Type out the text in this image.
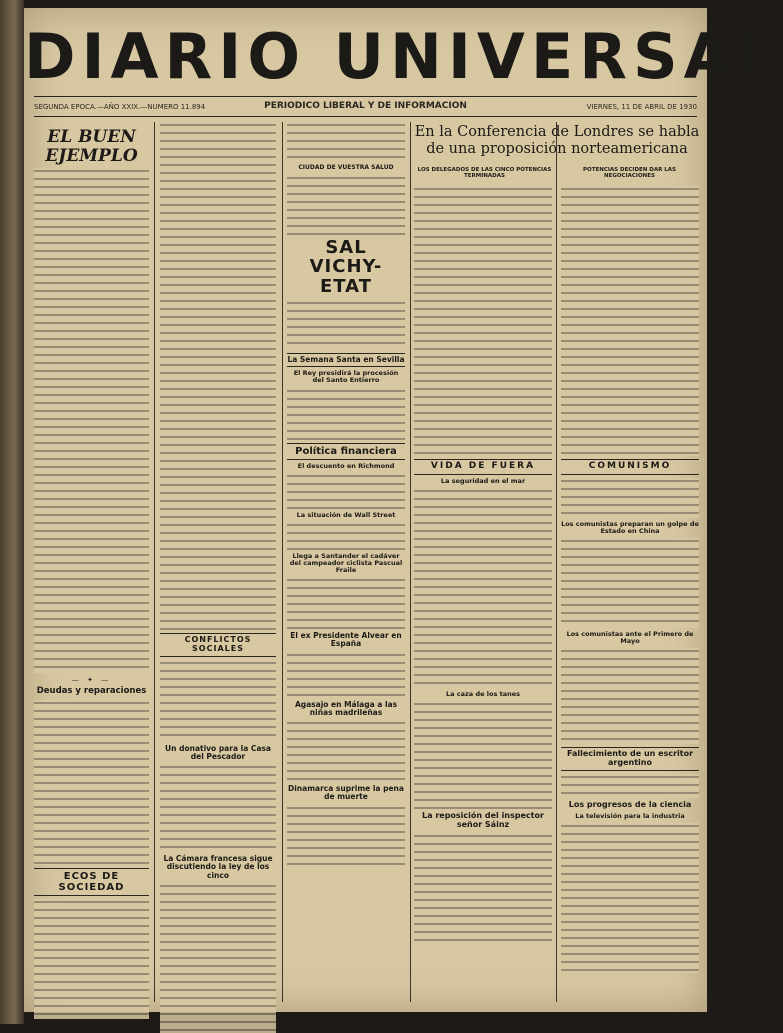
DIARIO UNIVERSAL
SEGUNDA EPOCA.—AÑO XXIX.—NUMERO 11.894	PERIODICO LIBERAL Y DE INFORMACION	VIERNES, 11 DE ABRIL DE 1930
EL BUEN EJEMPLO
— ✦ —
Deudas y reparaciones
ECOS DE SOCIEDAD
CONFLICTOS SOCIALES
Un donativo para la Casa del Pescador
La Cámara francesa sigue discutiendo la ley de los cinco
CIUDAD DE VUESTRA SALUD
SAL VICHY-ETAT
La Semana Santa en Sevilla
El Rey presidirá la procesión del Santo Entierro
Política financiera
El descuento en Richmond
La situación de Wall Street
Llega a Santander el cadáver del campeador ciclista Pascual Fraile
El ex Presidente Alvear en España
Agasajo en Málaga a las niñas madrileñas
Dinamarca suprime la pena de muerte
En la Conferencia de Londres se habla de una proposición norteamericana
LOS DELEGADOS DE LAS CINCO POTENCIAS TERMINADAS
POTENCIAS DECIDEN DAR LAS NEGOCIACIONES
VIDA DE FUERA
La seguridad en el mar
La caza de los tanes
La reposición del inspector señor Sáinz
COMUNISMO
Los comunistas preparan un golpe de Estado en China
Los comunistas ante el Primero de Mayo
Fallecimiento de un escritor argentino
Los progresos de la ciencia
La televisión para la industria
